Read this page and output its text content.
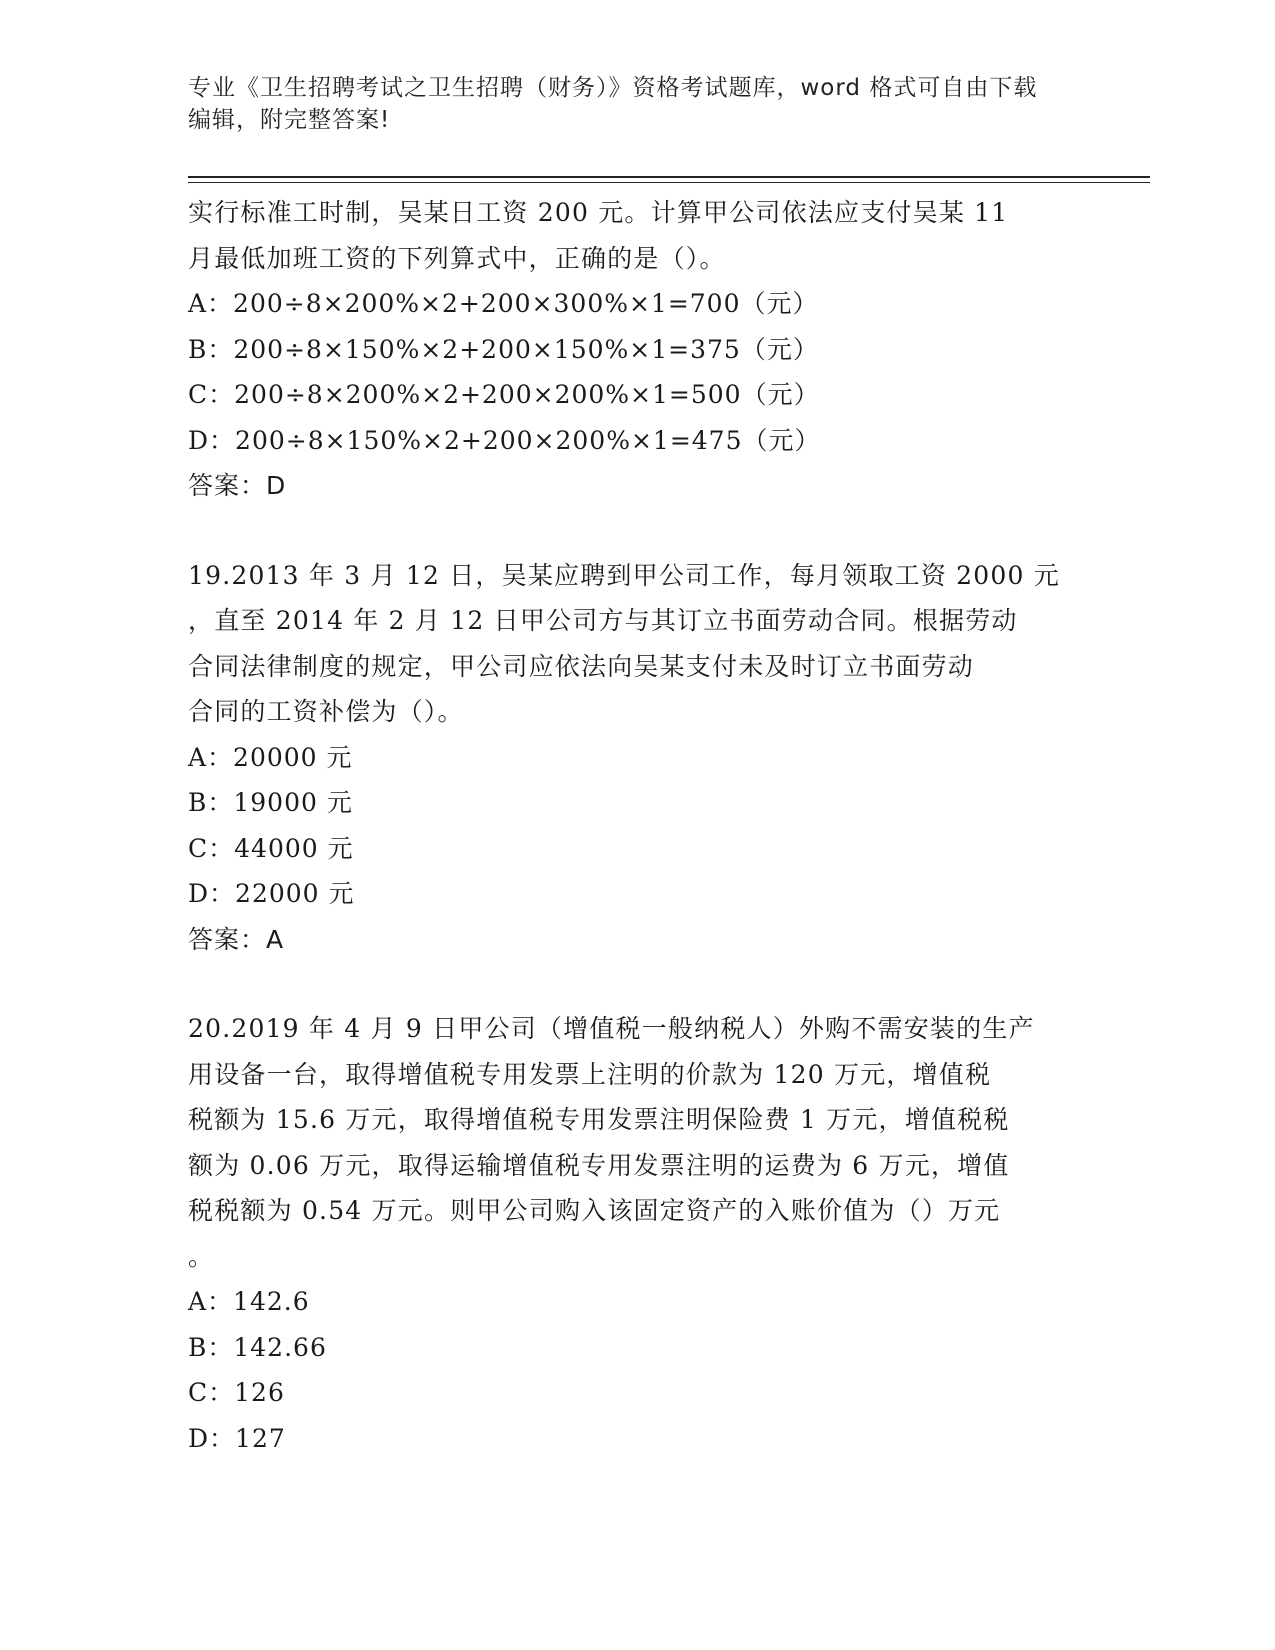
专业《卫生招聘考试之卫生招聘（财务）》资格考试题库，word 格式可自由下载
编辑，附完整答案!
实行标准工时制，吴某日工资 200 元。计算甲公司依法应支付吴某 11
月最低加班工资的下列算式中，正确的是（）。
A：200÷8×200%×2+200×300%×1=700（元）
B：200÷8×150%×2+200×150%×1=375（元）
C：200÷8×200%×2+200×200%×1=500（元）
D：200÷8×150%×2+200×200%×1=475（元）
答案：D
19.2013 年 3 月 12 日，吴某应聘到甲公司工作，每月领取工资 2000 元
，直至 2014 年 2 月 12 日甲公司方与其订立书面劳动合同。根据劳动
合同法律制度的规定，甲公司应依法向吴某支付未及时订立书面劳动
合同的工资补偿为（）。
A：20000 元
B：19000 元
C：44000 元
D：22000 元
答案：A
20.2019 年 4 月 9 日甲公司（增值税一般纳税人）外购不需安装的生产
用设备一台，取得增值税专用发票上注明的价款为 120 万元，增值税
税额为 15.6 万元，取得增值税专用发票注明保险费 1 万元，增值税税
额为 0.06 万元，取得运输增值税专用发票注明的运费为 6 万元，增值
税税额为 0.54 万元。则甲公司购入该固定资产的入账价值为（）万元
。
A：142.6
B：142.66
C：126
D：127
